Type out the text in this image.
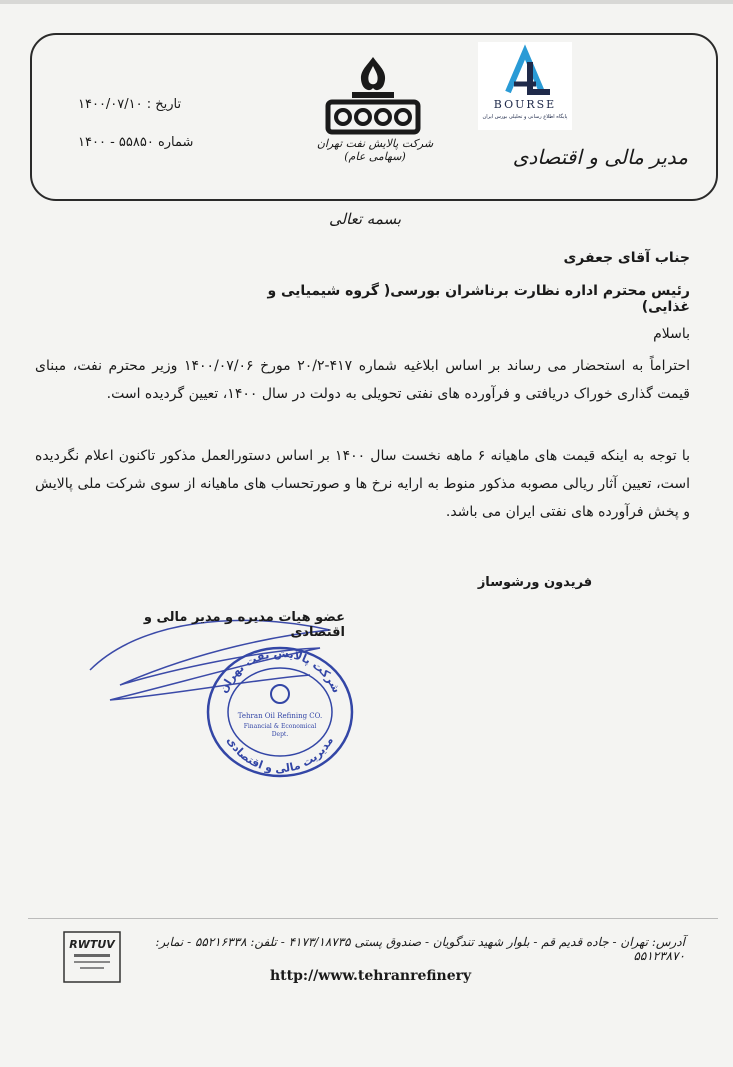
تاریخ : ۱۴۰۰/۰۷/۱۰
شماره ۵۵۸۵۰ - ۱۴۰۰	شرکت پالایش نفت تهران (سهامی عام)
BOURSE
پایگاه اطلاع رسانی و تحلیلی بورس ایران
مدیر مالی و اقتصادی
بسمه تعالی
جناب آقای جعفری
رئیس محترم اداره نظارت برناشران بورسی( گروه شیمیایی و غذایی)
باسلام
احتراماً به استحضار می رساند بر اساس ابلاغیه شماره ۴۱۷-۲۰/۲ مورخ ۱۴۰۰/۰۷/۰۶ وزیر محترم نفت، مبنای قیمت گذاری خوراک دریافتی و فرآورده های نفتی تحویلی به دولت در سال ۱۴۰۰، تعیین گردیده است.
با توجه به اینکه قیمت های ماهیانه ۶ ماهه نخست سال ۱۴۰۰ بر اساس دستورالعمل مذکور تاکنون اعلام نگردیده است، تعیین آثار ریالی مصوبه مذکور منوط به ارایه نرخ ها و صورتحساب های ماهیانه از سوی شرکت ملی پالایش و پخش فرآورده های نفتی ایران می باشد.
فریدون ورشوساز
عضو هیات مدیره و مدیر مالی و اقتصادی
شرکت پالایش نفت تهران
مدیریت مالی و اقتصادی
Tehran Oil Refining CO.
Financial & Economical
Dept.
RWTUV	آدرس: تهران - جاده قدیم قم - بلوار شهید تندگویان - صندوق پستی ۴۱۷۳/۱۸۷۳۵ - تلفن: ۵۵۲۱۶۳۳۸ - نمابر: ۵۵۱۲۳۸۷۰
http://www.tehranrefinery
